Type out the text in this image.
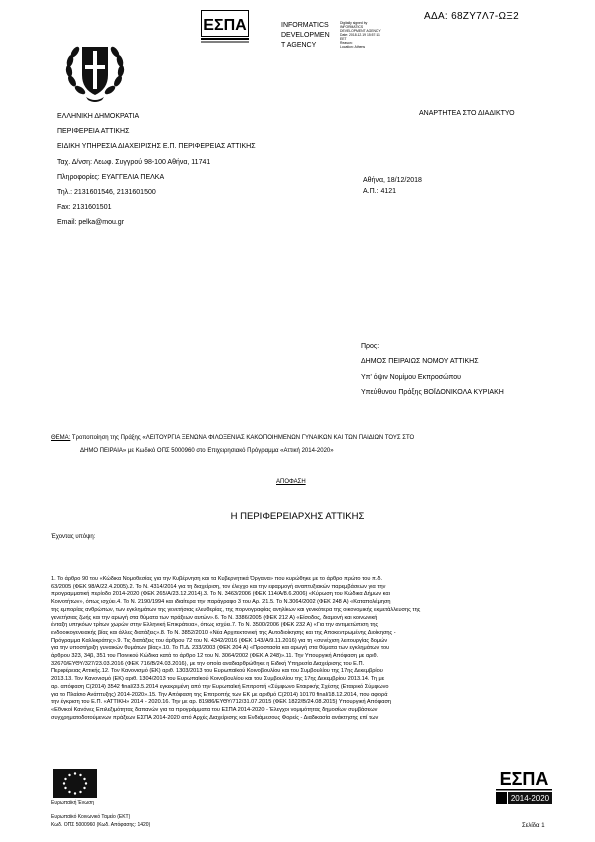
ΑΔΑ: 68ΖΥ7Λ7-ΩΞ2
ΕΣΠΑ	INFORMATICS
DEVELOPMEN
T AGENCY
Digitally signed by
INFORMATICS
DEVELOPMENT AGENCY
Date: 2018.12.19 15:57:11
EET
Reason:
Location: Athens
ΕΛΛΗΝΙΚΗ ΔΗΜΟΚΡΑΤΙΑ
ΠΕΡΙΦΕΡΕΙΑ ΑΤΤΙΚΗΣ
ΕΙΔΙΚΗ ΥΠΗΡΕΣΙΑ ΔΙΑΧΕΙΡΙΣΗΣ Ε.Π. ΠΕΡΙΦΕΡΕΙΑΣ ΑΤΤΙΚΗΣ
Ταχ. Δ/νση: Λεωφ. Συγγρού 98-100 Αθήνα, 11741
Πληροφορίες: ΕΥΑΓΓΕΛΙΑ ΠΕΛΚΑ
Τηλ.: 2131601546, 2131601500
Fax: 2131601501
Email: pelka@mou.gr
ΑΝΑΡΤΗΤΕΑ ΣΤΟ ΔΙΑΔΙΚΤΥΟ
Αθήνα, 18/12/2018
Α.Π.: 4121
Προς:
ΔΗΜΟΣ ΠΕΙΡΑΙΩΣ ΝΟΜΟΥ ΑΤΤΙΚΗΣ
Υπ' όψιν Νομίμου Εκπροσώπου
Υπεύθυνου Πράξης ΒΟΪΔΟΝΙΚΟΛΑ ΚΥΡΙΑΚΗ
ΘΕΜΑ: Τροποποίηση της Πράξης «ΛΕΙΤΟΥΡΓΙΑ ΞΕΝΩΝΑ ΦΙΛΟΞΕΝΙΑΣ ΚΑΚΟΠΟΙΗΜΕΝΩΝ ΓΥΝΑΙΚΩΝ ΚΑΙ ΤΩΝ ΠΑΙΔΙΩΝ ΤΟΥΣ ΣΤΟ
ΔΗΜΟ ΠΕΙΡΑΙΑ» με Κωδικό ΟΠΣ 5000960 στο Επιχειρησιακό Πρόγραμμα «Αττική 2014-2020»
ΑΠΟΦΑΣΗ
Η ΠΕΡΙΦΕΡΕΙΑΡΧΗΣ ΑΤΤΙΚΗΣ
Έχοντας υπόψη:
1. Το άρθρο 90 του «Κώδικα Νομοθεσίας για την Κυβέρνηση και τα Κυβερνητικά Όργανα» που κυρώθηκε με το άρθρο πρώτο του π.δ.
63/2005 (ΦΕΚ 98/Α/22.4.2005).2. Το Ν. 4314/2014 για τη διαχείριση, τον έλεγχο και την εφαρμογή αναπτυξιακών παρεμβάσεων για την
προγραμματική περίοδο 2014-2020 (ΦΕΚ 265/Α/23.12.2014).3. Το Ν. 3463/2006 (ΦΕΚ 114/Α/8.6.2006) «Κύρωση του Κώδικα Δήμων και
Κοινοτήτων», όπως ισχύει.4. Το Ν. 2190/1994 και ιδιαίτερα την παράγραφο 3 του Αρ. 21.5. Το Ν.3064/2002 (ΦΕΚ 248 Α) «Καταπολέμηση
της εμπορίας ανθρώπων, των εγκλημάτων της γενετήσιας ελευθερίας, της πορνογραφίας ανηλίκων και γενικότερα της οικονομικής εκμετάλλευσης της
γενετήσιας ζωής και την αρωγή στα θύματα των πράξεων αυτών».6. Το Ν. 3386/2005 (ΦΕΚ 212 Α) «Είσοδος, διαμονή και κοινωνική
ένταξη υπηκόων τρίτων χωρών στην Ελληνική Επικράτεια», όπως ισχύει.7. Το Ν. 3500/2006 (ΦΕΚ 232 Α) «Για την αντιμετώπιση της
ενδοοικογενειακής βίας και άλλες διατάξεις».8. Το Ν. 3852/2010 «Νέα Αρχιτεκτονική της Αυτοδιοίκησης και της Αποκεντρωμένης Διοίκησης -
Πρόγραμμα Καλλικράτης».9. Τις διατάξεις του άρθρου 72 του Ν. 4342/2016 (ΦΕΚ 143/Α/9.11.2016) για τη «συνέχιση λειτουργίας δομών
για την υποστήριξη γυναικών θυμάτων βίας».10. Το Π.Δ. 233/2003 (ΦΕΚ 204 Α) «Προστασία και αρωγή στα θύματα των εγκλημάτων του
άρθρου 323, 34β, 351 του Ποινικού Κώδικα κατά το άρθρο 12 του Ν. 3064/2002 (ΦΕΚ Α 248)».11. Την Υπουργική Απόφαση με αριθ.
32670/ΕΥΘΥ/327/23.03.2016 (ΦΕΚ 716/Β/24.03.2016), με την οποία αναδιαρθρώθηκε η Ειδική Υπηρεσία Διαχείρισης του Ε.Π.
Περιφέρειας Αττικής.12. Τον Κανονισμό (ΕΚ) αριθ. 1303/2013 του Ευρωπαϊκού Κοινοβουλίου και του Συμβουλίου της 17ης Δεκεμβρίου
2013.13. Τον Κανονισμό (ΕΚ) αριθ. 1304/2013 του Ευρωπαϊκού Κοινοβουλίου και του Συμβουλίου της 17ης Δεκεμβρίου 2013.14. Τη με
αρ. απόφαση C(2014) 3542 final/23.5.2014 εγκεκριμένη από την Ευρωπαϊκή Επιτροπή «Σύμφωνο Εταιρικής Σχέσης (Εταιρικό Σύμφωνο
για το Πλαίσιο Ανάπτυξης) 2014-2020».15. Την Απόφαση της Επιτροπής των ΕΚ με αριθμό C(2014) 10170 final/18.12.2014, που αφορά
την έγκριση του Ε.Π. «ΑΤΤΙΚΗ» 2014 - 2020.16. Την με αρ. 81986/ΕΥΘΥ/712/31.07.2015 (ΦΕΚ 1822/Β/24.08.2015) Υπουργική Απόφαση
«Εθνικοί Κανόνες Επιλεξιμότητας δαπανών για τα προγράμματα του ΕΣΠΑ 2014-2020 - Έλεγχοι νομιμότητας δημοσίων συμβάσεων
συγχρηματοδοτούμενων πράξεων ΕΣΠΑ 2014-2020 από Αρχές Διαχείρισης και Ενδιάμεσους Φορείς - Διαδικασία ανάκτησης επί των
Ευρωπαϊκή Ένωση
Ευρωπαϊκό Κοινωνικό Ταμείο (ΕΚΤ)
Κωδ. ΟΠΣ 5000960 (Κωδ. Απόφασης: 1420)
ΕΣΠΑ
2014-2020
Σελίδα 1
